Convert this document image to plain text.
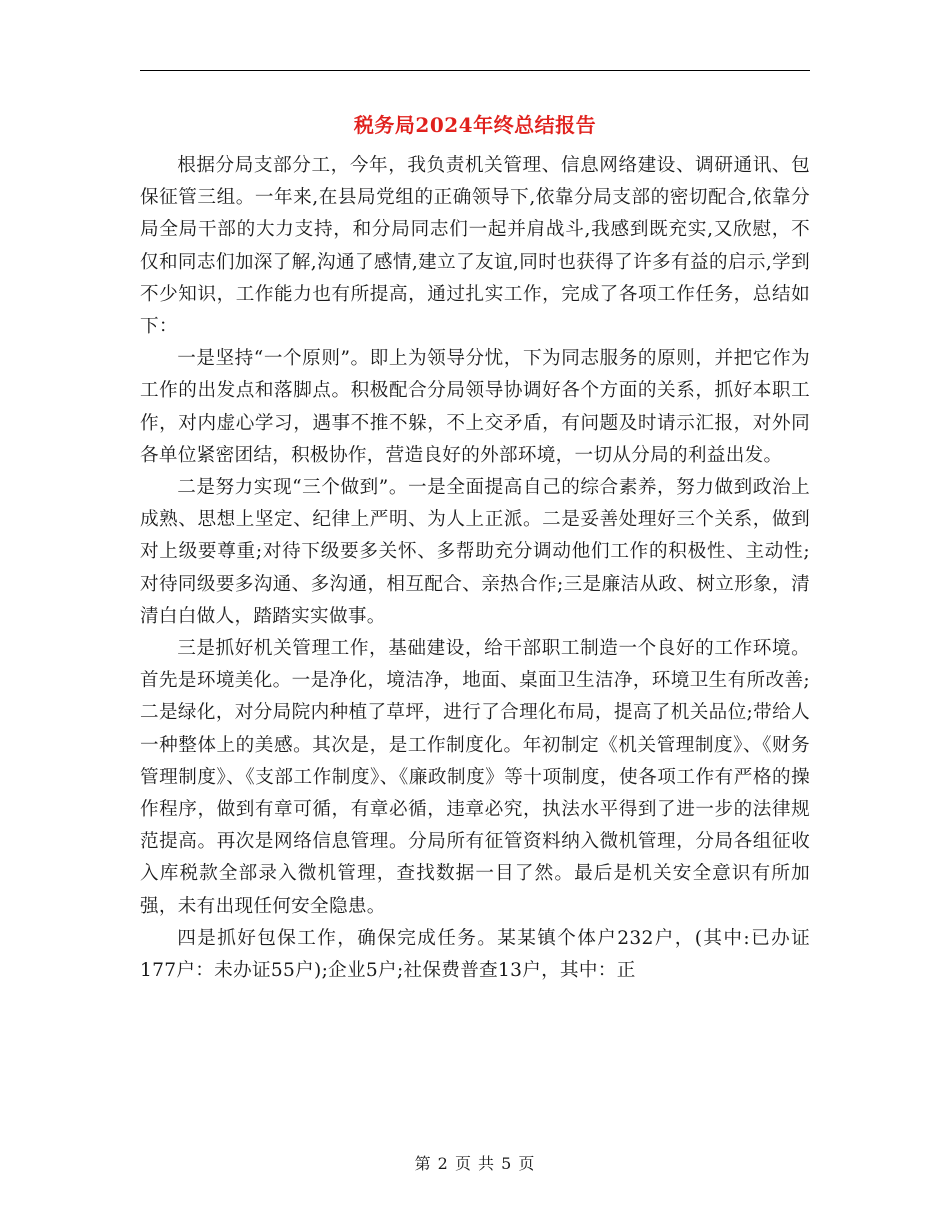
税务局2024年终总结报告

根据分局支部分工，今年，我负责机关管理、信息网络建设、调研通讯、包保征管三组。一年来,在县局党组的正确领导下,依靠分局支部的密切配合,依靠分局全局干部的大力支持，和分局同志们一起并肩战斗,我感到既充实,又欣慰，不仅和同志们加深了解,沟通了感情,建立了友谊,同时也获得了许多有益的启示,学到不少知识，工作能力也有所提高，通过扎实工作，完成了各项工作任务，总结如下：

一是坚持“一个原则”。即上为领导分忧，下为同志服务的原则，并把它作为工作的出发点和落脚点。积极配合分局领导协调好各个方面的关系，抓好本职工作，对内虚心学习，遇事不推不躲，不上交矛盾，有问题及时请示汇报，对外同各单位紧密团结，积极协作，营造良好的外部环境，一切从分局的利益出发。

二是努力实现“三个做到”。一是全面提高自己的综合素养，努力做到政治上成熟、思想上坚定、纪律上严明、为人上正派。二是妥善处理好三个关系，做到对上级要尊重;对待下级要多关怀、多帮助充分调动他们工作的积极性、主动性;对待同级要多沟通、多沟通，相互配合、亲热合作;三是廉洁从政、树立形象，清清白白做人，踏踏实实做事。

三是抓好机关管理工作，基础建设，给干部职工制造一个良好的工作环境。首先是环境美化。一是净化，境洁净，地面、桌面卫生洁净，环境卫生有所改善;二是绿化，对分局院内种植了草坪，进行了合理化布局，提高了机关品位;带给人一种整体上的美感。其次是，是工作制度化。年初制定《机关管理制度》、《财务管理制度》、《支部工作制度》、《廉政制度》等十项制度，使各项工作有严格的操作程序，做到有章可循，有章必循，违章必究，执法水平得到了进一步的法律规范提高。再次是网络信息管理。分局所有征管资料纳入微机管理，分局各组征收入库税款全部录入微机管理，查找数据一目了然。最后是机关安全意识有所加强，未有出现任何安全隐患。

四是抓好包保工作，确保完成任务。某某镇个体户232户，(其中:已办证177户：未办证55户);企业5户;社保费普查13户，其中：正

第 2 页 共 5 页
